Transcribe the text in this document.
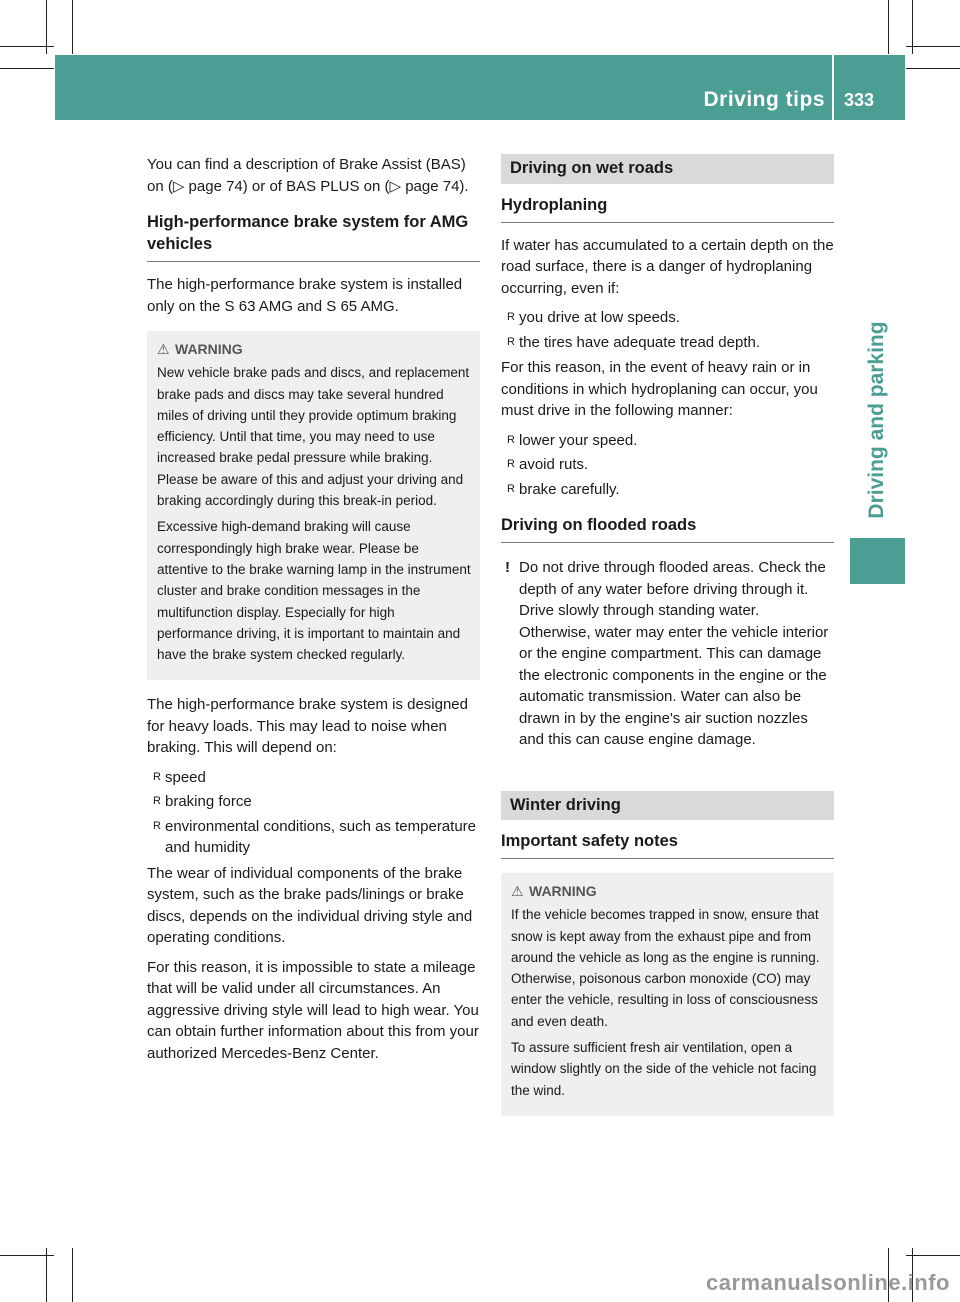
Driving tips 333
Driving and parking

You can find a description of Brake Assist (BAS) on (▷ page 74) or of BAS PLUS on (▷ page 74).

High-performance brake system for AMG vehicles

The high-performance brake system is installed only on the S 63 AMG and S 65 AMG.

⚠ WARNING

New vehicle brake pads and discs, and replacement brake pads and discs may take several hundred miles of driving until they provide optimum braking efficiency. Until that time, you may need to use increased brake pedal pressure while braking. Please be aware of this and adjust your driving and braking accordingly during this break-in period.

Excessive high-demand braking will cause correspondingly high brake wear. Please be attentive to the brake warning lamp in the instrument cluster and brake condition messages in the multifunction display. Especially for high performance driving, it is important to maintain and have the brake system checked regularly.

The high-performance brake system is designed for heavy loads. This may lead to noise when braking. This will depend on:

R speed
R braking force
R environmental conditions, such as temperature and humidity

The wear of individual components of the brake system, such as the brake pads/linings or brake discs, depends on the individual driving style and operating conditions.

For this reason, it is impossible to state a mileage that will be valid under all circumstances. An aggressive driving style will lead to high wear. You can obtain further information about this from your authorized Mercedes-Benz Center.

Driving on wet roads
Hydroplaning

If water has accumulated to a certain depth on the road surface, there is a danger of hydroplaning occurring, even if:

R you drive at low speeds.
R the tires have adequate tread depth.

For this reason, in the event of heavy rain or in conditions in which hydroplaning can occur, you must drive in the following manner:

R lower your speed.
R avoid ruts.
R brake carefully.
Driving on flooded roads
! Do not drive through flooded areas. Check the depth of any water before driving through it. Drive slowly through standing water. Otherwise, water may enter the vehicle interior or the engine compartment. This can damage the electronic components in the engine or the automatic transmission. Water can also be drawn in by the engine's air suction nozzles and this can cause engine damage.
Winter driving
Important safety notes
⚠ WARNING

If the vehicle becomes trapped in snow, ensure that snow is kept away from the exhaust pipe and from around the vehicle as long as the engine is running. Otherwise, poisonous carbon monoxide (CO) may enter the vehicle, resulting in loss of consciousness and even death.

To assure sufficient fresh air ventilation, open a window slightly on the side of the vehicle not facing the wind.

carmanualsonline.info
